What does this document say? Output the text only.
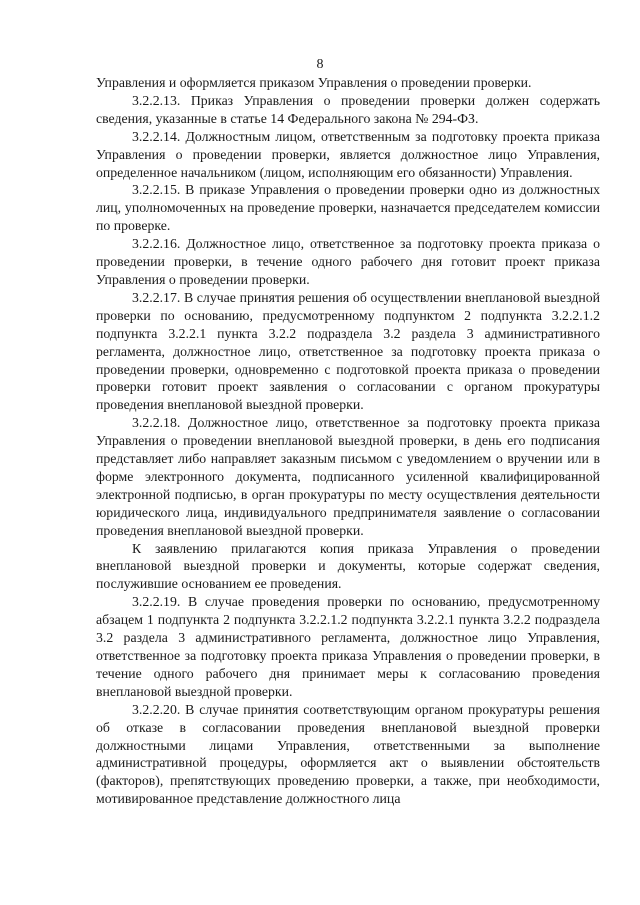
8

Управления и оформляется приказом Управления о проведении проверки.

3.2.2.13. Приказ Управления о проведении проверки должен содержать сведения, указанные в статье 14 Федерального закона № 294-ФЗ.

3.2.2.14. Должностным лицом, ответственным за подготовку проекта приказа Управления о проведении проверки, является должностное лицо Управления, определенное начальником (лицом, исполняющим его обязанности) Управления.

3.2.2.15. В приказе Управления о проведении проверки одно из должностных лиц, уполномоченных на проведение проверки, назначается председателем комиссии по проверке.

3.2.2.16. Должностное лицо, ответственное за подготовку проекта приказа о проведении проверки, в течение одного рабочего дня готовит проект приказа Управления о проведении проверки.

3.2.2.17. В случае принятия решения об осуществлении внеплановой выездной проверки по основанию, предусмотренному подпунктом 2 подпункта 3.2.2.1.2 подпункта 3.2.2.1 пункта 3.2.2 подраздела 3.2 раздела 3 административного регламента, должностное лицо, ответственное за подготовку проекта приказа о проведении проверки, одновременно с подготовкой проекта приказа о проведении проверки готовит проект заявления о согласовании с органом прокуратуры проведения внеплановой выездной проверки.

3.2.2.18. Должностное лицо, ответственное за подготовку проекта приказа Управления о проведении внеплановой выездной проверки, в день его подписания представляет либо направляет заказным письмом с уведомлением о вручении или в форме электронного документа, подписанного усиленной квалифицированной электронной подписью, в орган прокуратуры по месту осуществления деятельности юридического лица, индивидуального предпринимателя заявление о согласовании проведения внеплановой выездной проверки.

К заявлению прилагаются копия приказа Управления о проведении внеплановой выездной проверки и документы, которые содержат сведения, послужившие основанием ее проведения.

3.2.2.19. В случае проведения проверки по основанию, предусмотренному абзацем 1 подпункта 2 подпункта 3.2.2.1.2 подпункта 3.2.2.1 пункта 3.2.2 подраздела 3.2 раздела 3 административного регламента, должностное лицо Управления, ответственное за подготовку проекта приказа Управления о проведении проверки, в течение одного рабочего дня принимает меры к согласованию проведения внеплановой выездной проверки.

3.2.2.20. В случае принятия соответствующим органом прокуратуры решения об отказе в согласовании проведения внеплановой выездной проверки должностными лицами Управления, ответственными за выполнение административной процедуры, оформляется акт о выявлении обстоятельств (факторов), препятствующих проведению проверки, а также, при необходимости, мотивированное представление должностного лица
